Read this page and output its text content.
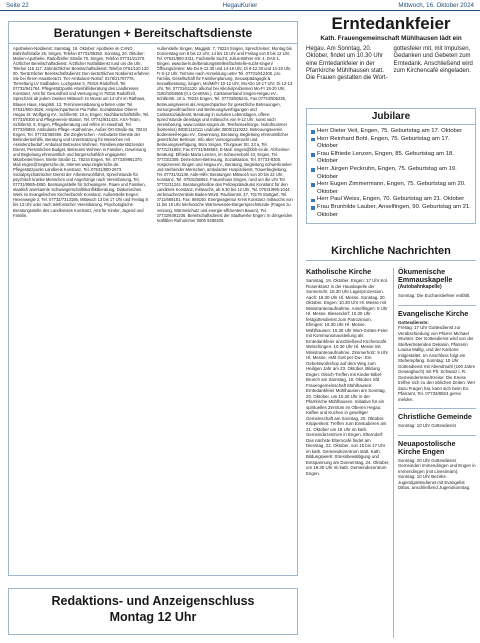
Seite 22	HegauKurier	Mittwoch, 16. Oktober 2024
Beratungen + Bereitschaftsdienste
Apotheken-Notdienst: Samstag, 19. Oktober: Apotheke im CANO, Bahnhofstraße 25, Singen, Telefon 07731/69250. Sonntag, 20. Oktober: Marien-Apotheke, Radolfzeller Straße 70, Singen, Telefon 07731/21370. Ärztlicher Bereitschaftsdienst: Ärztlicher Notfalldienst rund um die Uhr, Telefon 116 117. Zahnärztlicher Bereitschaftsdienst: Telefon 0761/120 120 00. Tierärztlicher Bereitschaftsdienst: Den tierärztlichen Notdienst erfahren Sie bei Ihrem Haustierarzt. Tier-Ambulanz-Notruf: 0176/21787775, Tierrettung LV Südbaden, Lochgasse 3, 78315 Radolfzell, Tel. 07732/941764. Pflegestützpunkt-Altenhilfeberatung des Landkreises Konstanz, Amt für Gesundheit und Versorgung in 78315 Radolfzell, Sprechzeit ab jedem zweiten Mittwoch im Monat um 14 Uhr im Rathaus, Blaues Haus, Hauptstr. 13. Terminvereinbarung erbeten unter Tel. 07531/800-2626, Ansprechpartnerin Pia Faller. Sozialstation Oberer Hegau St. Wolfgang eV., Schillerstr. 10 a, Engen, Nachbarschaftshilfe, Tel. 07733/8300 und Pflegeverein-Station, Tel. 07742/931424. AXA-Team, Schillerstr. 8, Engen, Pflegeberatung und Hilfen im Haushalt, Tel. 07733/6893. Ambulante Pflege »Katharina«, Außer-Ort-Straße 8a, 78234 Engen, Tel. 07733/360490. Die Zieglerschen - Ambulante Dienste der Behindertenhilfe, Beratung und Unterstützung für Menschen mit Assistenzbedarf: Ambulant Betreutes Wohnen, Familienunterstützender Dienst, Persönliches Budget, Betreutes Wohnen in Familien, Gewinnung und Begleitung ehrenamtlich und bürgerschaftlich engagierter Mitarbeiter/innen. Breite Straße 11, 78234 Engen, Tel. 07733/9961370, Mail engen@zieglersche.de, Internet www.zieglersche.de. Pflegestützpunkt Landkreis Konstanz, Tel. 07531/800-2673. Sozialpsychiatrischer Dienst der Arbeiterwohlfahrt, Sprechstunde für psychisch kranke Menschen und Angehörige nach Vereinbarung, Tel. 07731/9585-4850. Beratungsstelle für Schwangere, Paare und Familien, staatlich anerkannte Schwangerschaftskonfliktberatung, Diakonisches Werk im Evangelischen Kirchenbezirk Konstanz, Außenstelle Engen: Hexenwegle 2, Tel. 07732/7313185, Mittwoch 13 bis 17 Uhr und Freitag 8 bis 13 Uhr oder nach telefonischer Vereinbarung. Psychologische Beratungsstelle des Landkreises Konstanz, Amt für Kinder, Jugend und Familie,
Außenstelle Singen, Maggistr. 7, 78224 Singen, Sprechzeiten: Montag bis Donnerstag von 8 bis 12 Uhr, 14 bis 16 Uhr und Freitag von 8 bis 12 Uhr, Tel. 07531/800-3311. Fachstelle Sucht, Julius-Bührer-Str. 4, DAS 1, Singen, www.bw-lv.de/beratungsstellen/fachstelle-sucht-singen/ Öffnungszeiten: Mo-Do 8-12.30 und 14-16 Uhr, Di 8-12.30 und 14-18 Uhr, Fr 8-12 Uhr. Termine nach Anmeldung unter Tel. 07731/912400. pro Familia, Gesellschaft für Familienplanung, Sexualpädagogik & Sexualberatung, Singen, Mo/Mi/Fr 10-12 Uhr; Mo+Do 16-17 Uhr; Di 12-13 Uhr, Tel. 07731/61120. alkohol bei Alkoholproblemen Mo-Fr 18-20 Uhr, 0180/1064565 (0,1 Cent/Min.). Caritasverband Singen-Hegau eV., Schillerstr. 10 a, 78234 Engen, Tel. 07733/505241, Fax 07733/505235, Betreuungsverein als Ansprechpartner für gesetzliche Betreuungen, Vorsorgevollmachten und Betreuungsverfügungen und Caritassozialdienst, Beratung in sozialen Lebenslagen, offene Sprechstunde dienstags und mittwochs von 9-12 Uhr, sonst nach Vereinbarung, www.caritas-singen.de. Telefonseelsorge, Notrufnummer (kostenlos) 0800/1110111 und/oder 0800/1110222. Betreuungsverein Bodensee/Hegau eV., Gewinnung, Beratung, Begleitung ehrenamtlicher gesetzlicher Betreuer, Info über Vorsorgevollmacht und Betreuungsverfügung, Büro Singen, Thurgauer Str. 23 a, Tel. 07731/31893, Fax 07731/948583, E-Mail: singen@bbh-ev.de. Alzheimer-Beratung: Elfriede Maria Lenzen, im Scheurenbohl 43, Engen, Tel. 07733/2309. Demenzten-Betreuung, Sozialstation, Tel. 07733-8300. Hospizverein Singen und Hegau eV., Beratung, Begleitung schwerkranker und sterbender Menschen, ambulanter Hospizdienst, Trauerbegleitung, Tel. 07731/31138. Aids-Hilfe: Beratungen Mittwoch von 20 bis 22 Uhr, Konstanz, Tel. 07531/56062. Frauenhaus Singen, rund um die Uhr Tel. 07731/31244. Beratungshotline des Polizeipräsidiums Konstanz für den Landkreis Konstanz, mittwochs, ab 9.30 bis 12 Uhr, Tel. 07531/995-1044. Verbraucherzentrale Baden-Württ. Paulinenstr. 47, 70178 Stuttgart, Tel. 0711/669181, Fax: 669150. Energieagentur Kreis Konstanz mittwochs von 11 bis 15 Uhr telefonische Wärmewende-Bürgersprechstunde (Fragen zu Heizung, Wärmeschutz und energie-effizientem Bauen), Tel. 07732/9391236. Bereitschaftsdienst der Stadtwerke Engen: In dringenden Notfällen Rufnummer 0800 9480400.
Redaktions- und Anzeigenschluss
Montag 12 Uhr
Erntedankfeier
Kath. Frauengemeinschaft Mühlhausen lädt ein
Hegau. Am Sonntag, 20. Oktober, findet um 10.30 Uhr eine Erntedankfeier in der Pfarrkirche Mühlhausen statt. Die Frauen gestalten die Wort-
gottesfeier mit, mit Impulsen, Gedanken und Gebeten zum Erntedank. Anschließend wird zum Kirchencafé eingeladen.
Jubilare
Herr Dieter Veit, Engen, 75. Geburtstag am 17. Oktober
Herr Reinhard Bohl, Engen, 75. Geburtstag am 17. Oktober
Frau Elfriede Lenzen, Engen, 85. Geburtstag am 18. Oktober
Herr Jürgen Peckruhn, Engen, 75. Geburtstag am 19. Oktober
Herr Eugen Zimmermann, Engen, 75. Geburtstag am 20. Oktober
Herr Paul Weiss, Engen, 70. Geburtstag am 21. Oktober
Frau Brunhilde Lauber, Anselfingen, 90. Geburtstag am 21. Oktober
Kirchliche Nachrichten
Katholische Kirche
Samstag, 19. Oktober. Engen: 17 Uhr Kol. Rosenkranz in der Hauskapelle der Sonnenuhr, 18.30 Uhr Lagerprozession. Aach: 18.30 Uhr Hl. Messe. Sonntag, 20. Oktober. Engen: 10.30 Uhr Hl. Messe mit Ministrantenaufnahme. Anselfingen: 9 Uhr Hl. Messe. Biesendorf: 10.30 Uhr festgottesdienst zum Patrozinium. Ehingen: 18.30 Uhr Hl. Messe. Mühlhausen: 10.30 Uhr Wort-Gottes-Feier mit Kommunionausteilung als Erntedankfeier anschließend Kirchencafé. Welschingen: 10.30 Uhr Hl. Messe mit Ministrantenaufnahme. Zimmerholz: 9 Uhr Hl. Messe. »Mit Gott per Du«: Ein Gebetsworkshop auf dem Weg zum Heiligen Jahr am 23. Oktober. Bildung Engen: Gleich-Treffen mit Kinder-Bibel-Brunch am Samstag, 19. Oktober. kfd Frauengemeinschaft Mühlhausen: Erntedankfeier Mühlhausen am Sonntag, 20. Oktober, um 10.30 Uhr in der Pfarrkirche Mühlhausen. Initiative für ein spirituelles Zentrum im Oberen Hegau: Kaffee und Kuchen in geselliger Gemeinschaft am Sonntag, 20. Oktober. Krippenkeit: Treffen zum Einstudieren am 21. Oktober um 19 Uhr im kath. Gemeindezentrum in Engen. Elterndorf: Das nächste Elterncafé findet am Dienstag, 22. Oktober, von 15 bis 17 Uhr im kath. Gemeindezentrum statt. Kath. Bildungswerk: Stressbewältigung und Entspannung am Donnerstag, 24. Oktober, um 19.30 Uhr im kath. Gemeindezentrum Engen.
Ökumenische Emmauskapelle
(Autobahnkapelle)
Sonntag: Die Eucharistiefeier entfällt.
Evangelische Kirche
Gottesdienste:
Freitag: 17 Uhr Gottesdienst zur Verabschiedung von Pfarrer Michael Wurster. Der Gottesdienst wird von der Stellvertretenden Dekanin, Pfarrerin Louisa Mallig, und der Kantorei mitgestaltet. Im Anschluss folgt ein Stehempfang. Sonntag: 10 Uhr Gottesdienst mit Abendmahl (100 Jahre Gesangbuch) mit Pfr. Schwarz i. R. Gemeinderreme/Kreise: Die Kreise treffen sich zu den üblichen Zeiten. Wer dazu Fragen hat, kann sich beim Ev. Pfarramt, Tel. 07733/8924 gerne melden.
Christliche Gemeinde
Sonntag: 10 Uhr Gottesdienst
Neuapostolische Kirche Engen
Sonntag: 20 Uhr Gottesdienst Gemeinden Immendingen und Engen in Immendingen (mit Livestream). Sonntag: 10 Uhr Bezirks-Jugendgottesdienst mit Evangelist Dittus, anschließend Jugendsonntag.
